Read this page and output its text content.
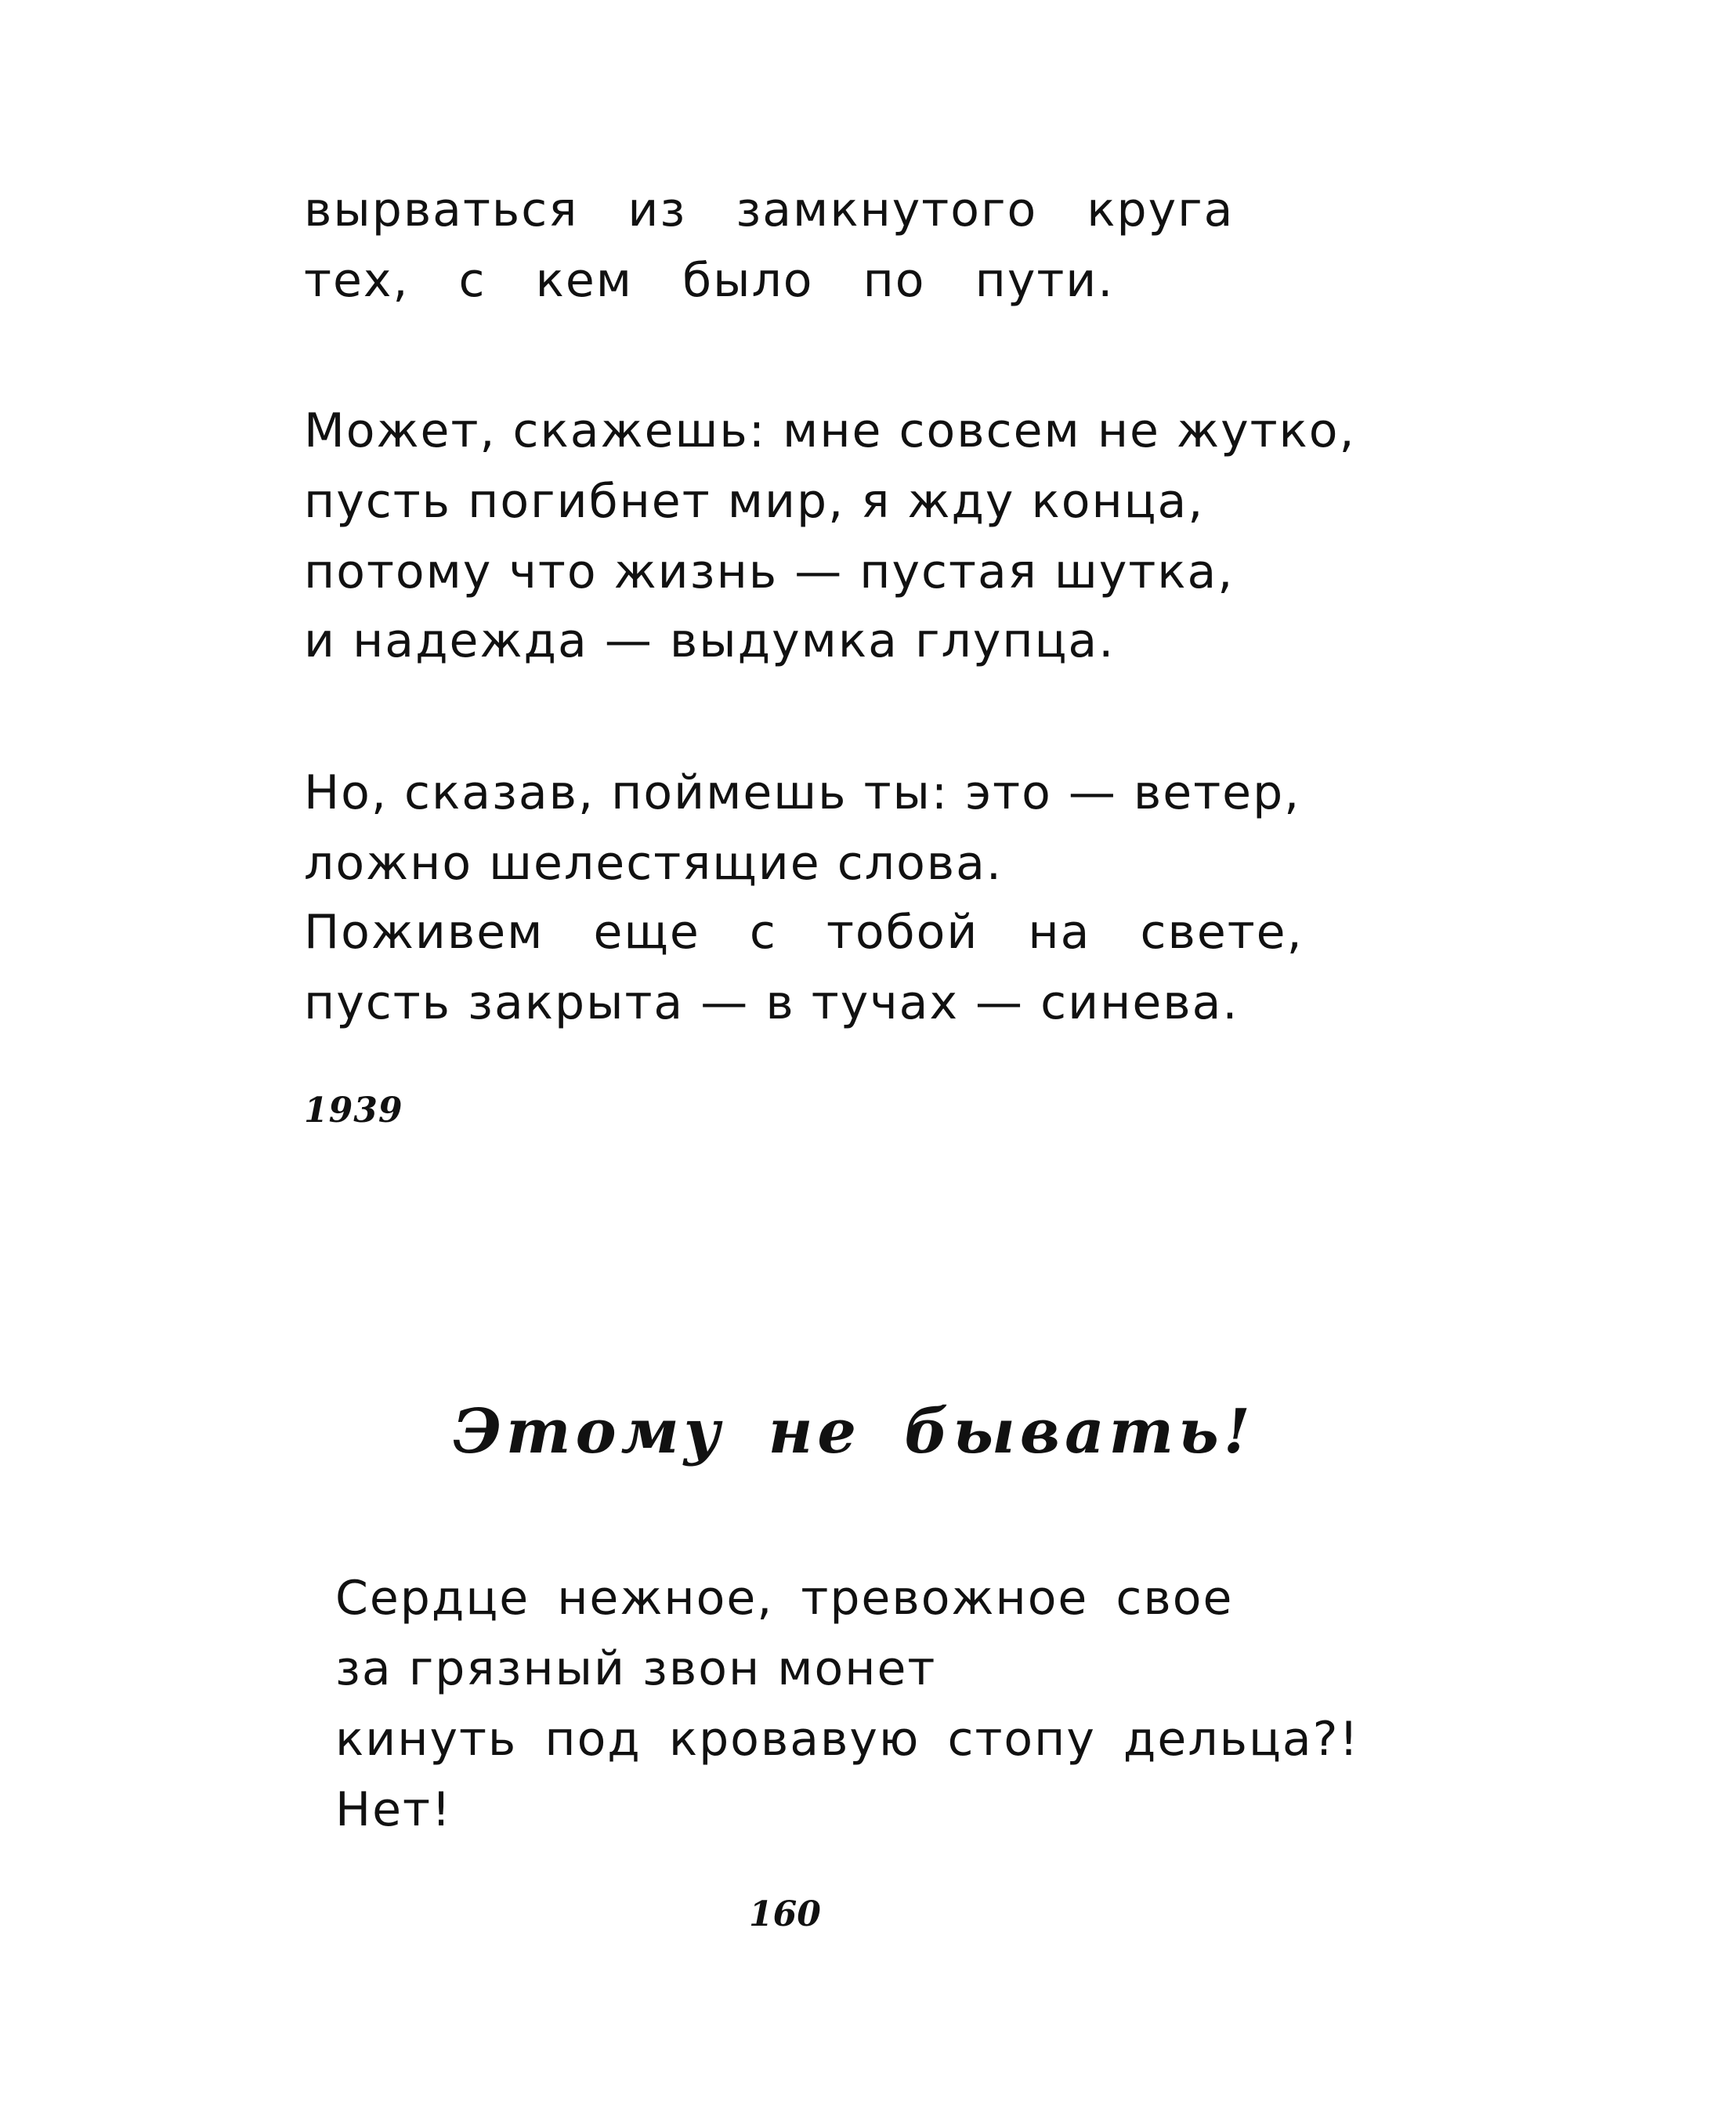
вырваться из замкнутого круга
тех, с кем было по пути.
Может, скажешь: мне совсем не жутко,
пусть погибнет мир, я жду конца,
потому что жизнь — пустая шутка,
и надежда — выдумка глупца.
Но, сказав, поймешь ты: это — ветер,
ложно шелестящие слова.
Поживем еще с тобой на свете,
пусть закрыта — в тучах — синева.
1939
Этому не бывать!
Сердце нежное, тревожное свое
за грязный звон монет
кинуть под кровавую стопу дельца?!
Нет!
160
